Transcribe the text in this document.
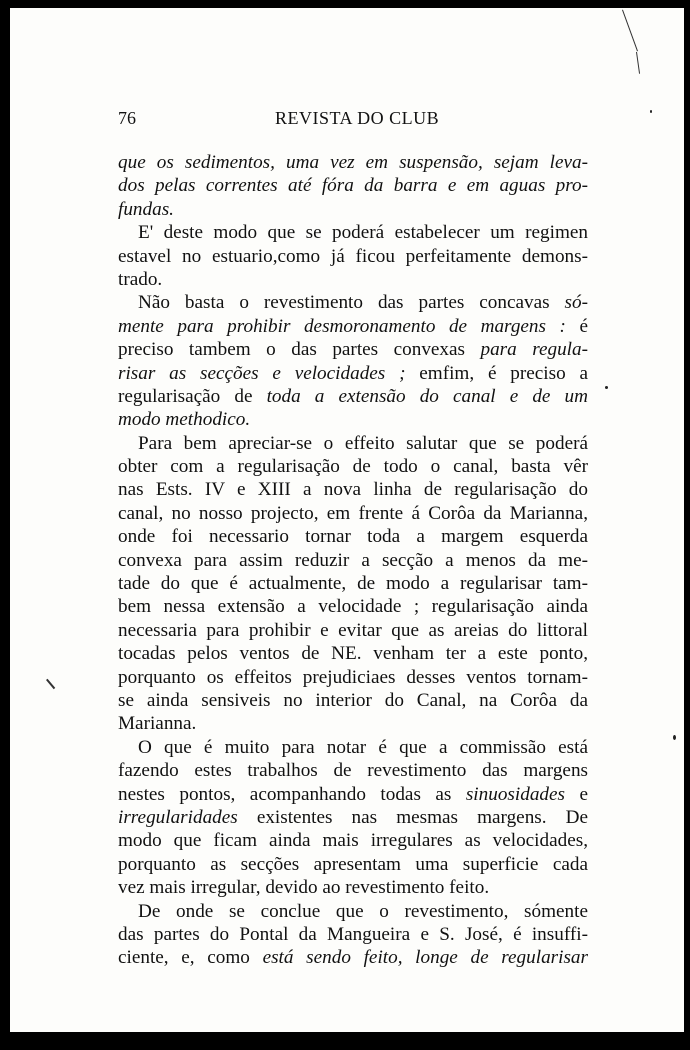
76	REVISTA DO CLUB
que os sedimentos, uma vez em suspensão, sejam leva-
dos pelas correntes até fóra da barra e em aguas pro-
fundas.
E' deste modo que se poderá estabelecer um regimen
estavel no estuario,como já ficou perfeitamente demons-
trado.
Não basta o revestimento das partes concavas só-
mente para prohibir desmoronamento de margens : é
preciso tambem o das partes convexas para regula-
risar as secções e velocidades ; emfim, é preciso a
regularisação de toda a extensão do canal e de um
modo methodico.
Para bem apreciar-se o effeito salutar que se poderá
obter com a regularisação de todo o canal, basta vêr
nas Ests. IV e XIII a nova linha de regularisação do
canal, no nosso projecto, em frente á Corôa da Marianna,
onde foi necessario tornar toda a margem esquerda
convexa para assim reduzir a secção a menos da me-
tade do que é actualmente, de modo a regularisar tam-
bem nessa extensão a velocidade ; regularisação ainda
necessaria para prohibir e evitar que as areias do littoral
tocadas pelos ventos de NE. venham ter a este ponto,
porquanto os effeitos prejudiciaes desses ventos tornam-
se ainda sensiveis no interior do Canal, na Corôa da
Marianna.
O que é muito para notar é que a commissão está
fazendo estes trabalhos de revestimento das margens
nestes pontos, acompanhando todas as sinuosidades e
irregularidades existentes nas mesmas margens. De
modo que ficam ainda mais irregulares as velocidades,
porquanto as secções apresentam uma superficie cada
vez mais irregular, devido ao revestimento feito.
De onde se conclue que o revestimento, sómente
das partes do Pontal da Mangueira e S. José, é insuffi-
ciente, e, como está sendo feito, longe de regularisar
